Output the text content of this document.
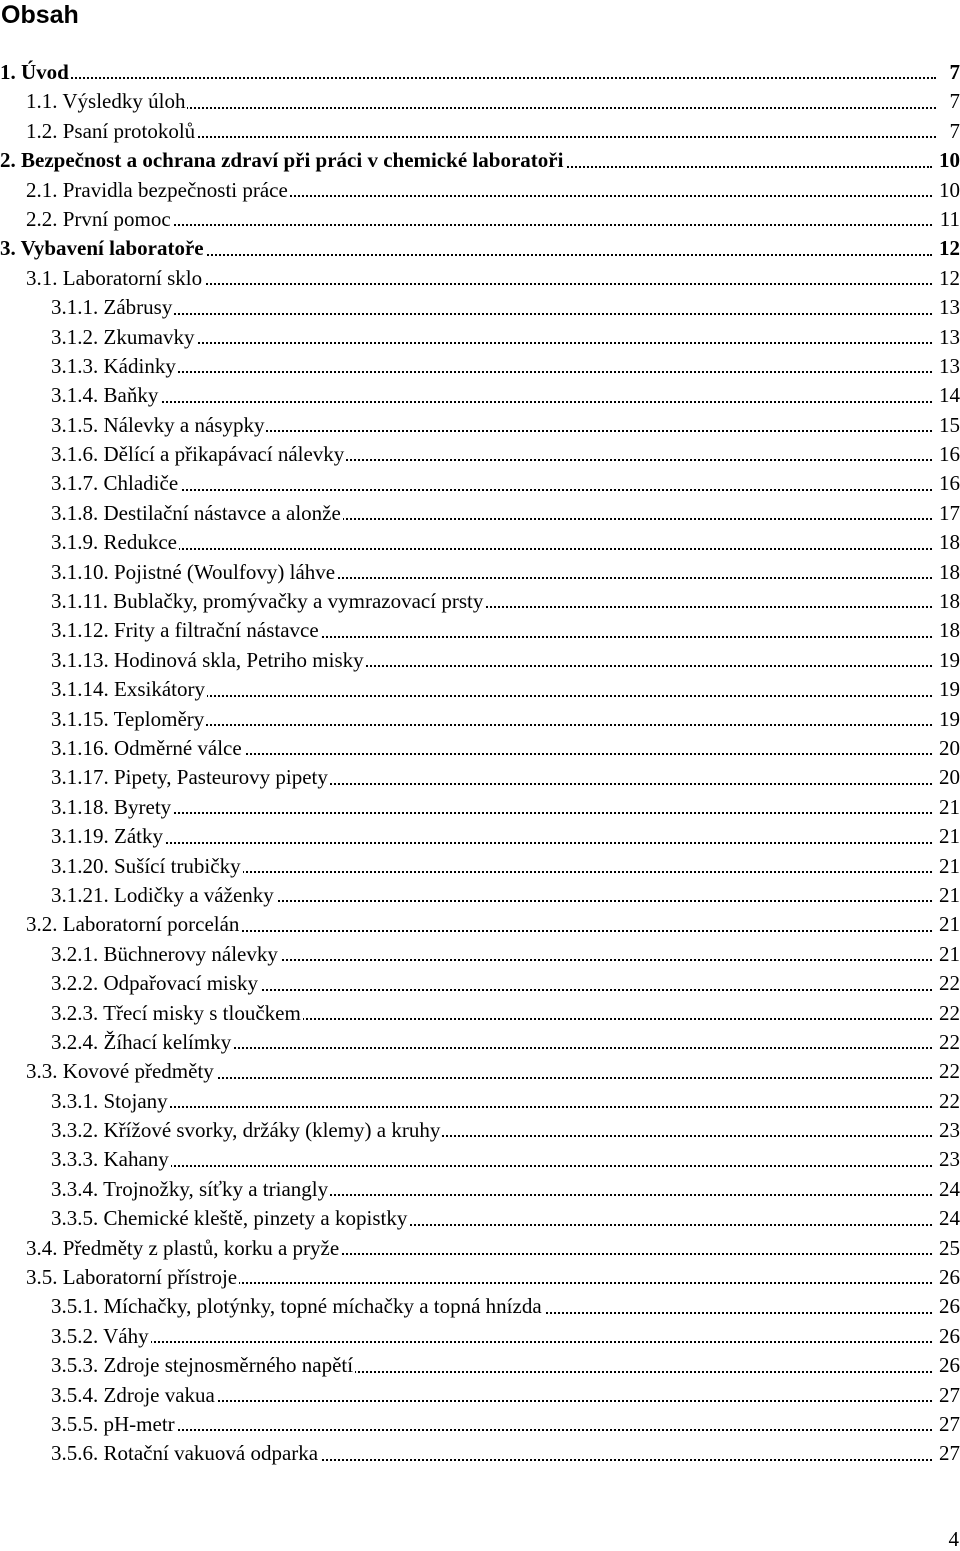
Obsah
1. Úvod	7
1.1. Výsledky úloh	7
1.2. Psaní protokolů	7
2. Bezpečnost a ochrana zdraví při práci v chemické laboratoři	10
2.1. Pravidla bezpečnosti práce	10
2.2. První pomoc	11
3. Vybavení laboratoře	12
3.1. Laboratorní sklo	12
3.1.1. Zábrusy	13
3.1.2. Zkumavky	13
3.1.3. Kádinky	13
3.1.4. Baňky	14
3.1.5. Nálevky a násypky	15
3.1.6. Dělící a přikapávací nálevky	16
3.1.7. Chladiče	16
3.1.8. Destilační nástavce a alonže	17
3.1.9. Redukce	18
3.1.10. Pojistné (Woulfovy) láhve	18
3.1.11. Bublačky, promývačky a vymrazovací prsty	18
3.1.12. Frity a filtrační nástavce	18
3.1.13. Hodinová skla, Petriho misky	19
3.1.14. Exsikátory	19
3.1.15. Teploměry	19
3.1.16. Odměrné válce	20
3.1.17. Pipety, Pasteurovy pipety	20
3.1.18. Byrety	21
3.1.19. Zátky	21
3.1.20. Sušící trubičky	21
3.1.21. Lodičky a váženky	21
3.2. Laboratorní porcelán	21
3.2.1. Büchnerovy nálevky	21
3.2.2. Odpařovací misky	22
3.2.3. Třecí misky s tloučkem	22
3.2.4. Žíhací kelímky	22
3.3. Kovové předměty	22
3.3.1. Stojany	22
3.3.2. Křížové svorky, držáky (klemy) a kruhy	23
3.3.3. Kahany	23
3.3.4. Trojnožky, síťky a triangly	24
3.3.5. Chemické kleště, pinzety a kopistky	24
3.4. Předměty z plastů, korku a pryže	25
3.5. Laboratorní přístroje	26
3.5.1. Míchačky, plotýnky, topné míchačky a topná hnízda	26
3.5.2. Váhy	26
3.5.3. Zdroje stejnosměrného napětí	26
3.5.4. Zdroje vakua	27
3.5.5. pH-metr	27
3.5.6. Rotační vakuová odparka	27
4
